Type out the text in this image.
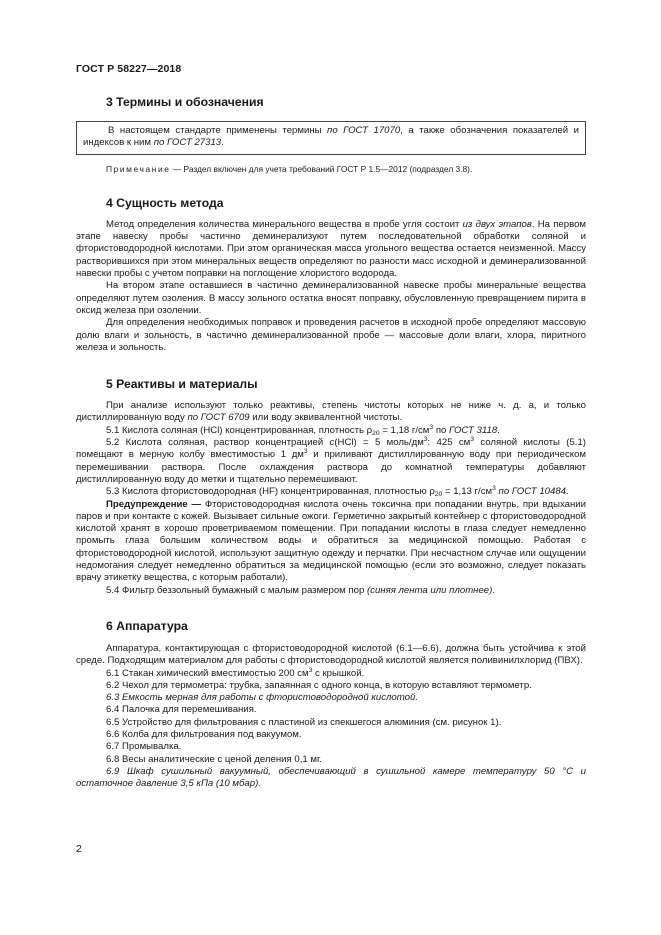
ГОСТ Р 58227—2018
3 Термины и обозначения

В настоящем стандарте применены термины по ГОСТ 17070, а также обозначения показателей и индексов к ним по ГОСТ 27313.

Примечание — Раздел включен для учета требований ГОСТ Р 1.5—2012 (подраздел 3.8).

4 Сущность метода

Метод определения количества минерального вещества в пробе угля состоит из двух этапов. На первом этапе навеску пробы частично деминерализуют путем последовательной обработки соляной и фтористоводородной кислотами. При этом органическая масса угольного вещества остается неизменной. Массу растворившихся при этом минеральных веществ определяют по разности масс исходной и деминерализованной навески пробы с учетом поправки на поглощение хлористого водорода.

На втором этапе оставшиеся в частично деминерализованной навеске пробы минеральные вещества определяют путем озоления. В массу зольного остатка вносят поправку, обусловленную превращением пирита в оксид железа при озолении.

Для определения необходимых поправок и проведения расчетов в исходной пробе определяют массовую долю влаги и зольность, в частично деминерализованной пробе — массовые доли влаги, хлора, пиритного железа и зольность.

5 Реактивы и материалы

При анализе используют только реактивы, степень чистоты которых не ниже ч. д. а, и только дистиллированную воду по ГОСТ 6709 или воду эквивалентной чистоты.

5.1 Кислота соляная (HCl) концентрированная, плотность $\rho_{20} = 1,18$ $г/см^3$ по ГОСТ 3118.

5.2 Кислота соляная, раствор концентрацией c(HCl) = 5 моль/$дм^3$: 425 $см^3$ соляной кислоты (5.1) помещают в мерную колбу вместимостью 1 $дм^3$ и приливают дистиллированную воду при периодическом перемешивании раствора. После охлаждения раствора до комнатной температуры добавляют дистиллированную воду до метки и тщательно перемешивают.

5.3 Кислота фтористоводородная (HF) концентрированная, плотностью $\rho_{20} = 1,13$ $г/см^3$ по ГОСТ 10484.

Предупреждение — Фтористоводородная кислота очень токсична при попадании внутрь, при вдыхании паров и при контакте с кожей. Вызывает сильные ожоги. Герметично закрытый контейнер с фтористоводородной кислотой хранят в хорошо проветриваемом помещении. При попадании кислоты в глаза следует немедленно промыть глаза большим количеством воды и обратиться за медицинской помощью. Работая с фтористоводородной кислотой, используют защитную одежду и перчатки. При несчастном случае или ощущении недомогания следует немедленно обратиться за медицинской помощью (если это возможно, следует показать врачу этикетку вещества, с которым работали).

5.4 Фильтр беззольный бумажный с малым размером пор (синяя лента или плотнее).

6 Аппаратура

Аппаратура, контактирующая с фтористоводородной кислотой (6.1—6.6), должна быть устойчива к этой среде. Подходящим материалом для работы с фтористоводородной кислотой является поливинилхлорид (ПВХ).

6.1 Стакан химический вместимостью 200 $см^3$ с крышкой.

6.2 Чехол для термометра: трубка, запаянная с одного конца, в которую вставляют термометр.

6.3 Емкость мерная для работы с фтористоводородной кислотой.

6.4 Палочка для перемешивания.

6.5 Устройство для фильтрования с пластиной из спекшегося алюминия (см. рисунок 1).

6.6 Колба для фильтрования под вакуумом.

6.7 Промывалка.

6.8 Весы аналитические с ценой деления 0,1 мг.

6.9 Шкаф сушильный вакуумный, обеспечивающий в сушильной камере температуру 50 °С и остаточное давление 3,5 кПа (10 мбар).

2
